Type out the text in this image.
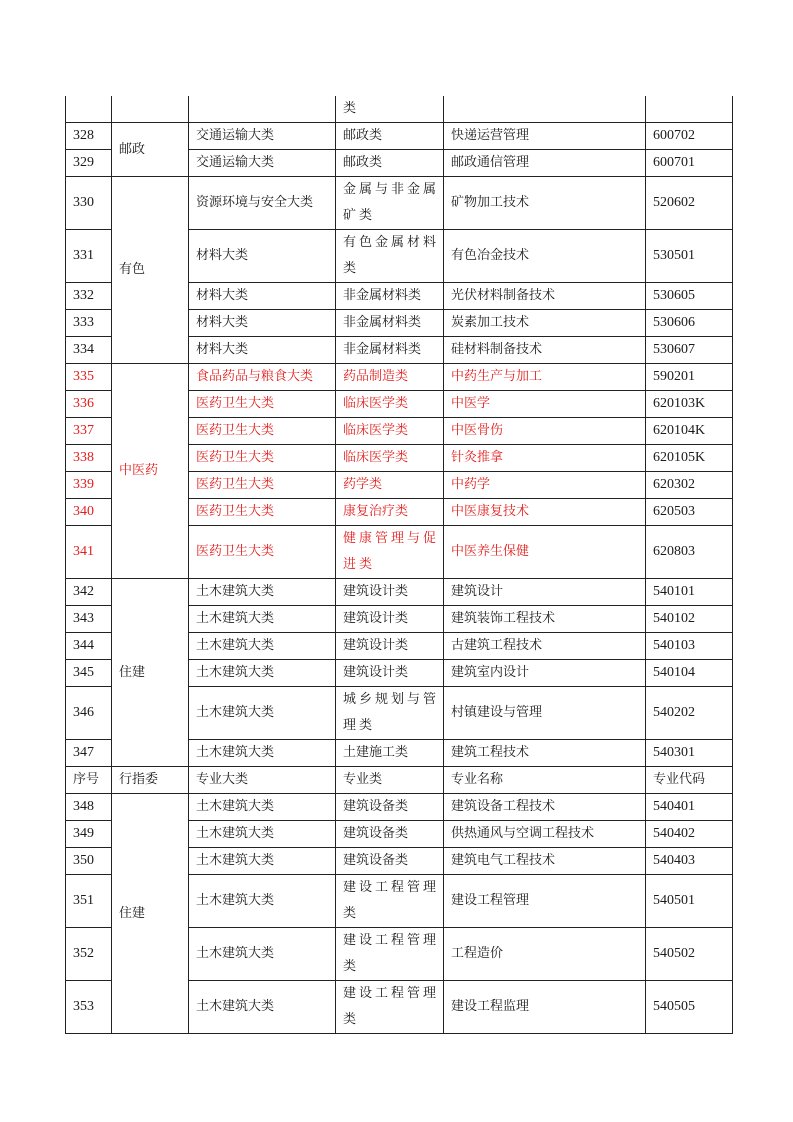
			类		
328	邮政	交通运输大类	邮政类	快递运营管理	600702
329		交通运输大类	邮政类	邮政通信管理	600701
330	有色	资源环境与安全大类	金属与非金属矿类	矿物加工技术	520602
331		材料大类	有色金属材料类	有色冶金技术	530501
332		材料大类	非金属材料类	光伏材料制备技术	530605
333		材料大类	非金属材料类	炭素加工技术	530606
334		材料大类	非金属材料类	硅材料制备技术	530607
335	中医药	食品药品与粮食大类	药品制造类	中药生产与加工	590201
336		医药卫生大类	临床医学类	中医学	620103K
337		医药卫生大类	临床医学类	中医骨伤	620104K
338		医药卫生大类	临床医学类	针灸推拿	620105K
339		医药卫生大类	药学类	中药学	620302
340		医药卫生大类	康复治疗类	中医康复技术	620503
341		医药卫生大类	健康管理与促进类	中医养生保健	620803
342	住建	土木建筑大类	建筑设计类	建筑设计	540101
343		土木建筑大类	建筑设计类	建筑装饰工程技术	540102
344		土木建筑大类	建筑设计类	古建筑工程技术	540103
345		土木建筑大类	建筑设计类	建筑室内设计	540104
346		土木建筑大类	城乡规划与管理类	村镇建设与管理	540202
347		土木建筑大类	土建施工类	建筑工程技术	540301
序号	行指委	专业大类	专业类	专业名称	专业代码
348	住建	土木建筑大类	建筑设备类	建筑设备工程技术	540401
349		土木建筑大类	建筑设备类	供热通风与空调工程技术	540402
350		土木建筑大类	建筑设备类	建筑电气工程技术	540403
351		土木建筑大类	建设工程管理类	建设工程管理	540501
352		土木建筑大类	建设工程管理类	工程造价	540502
353		土木建筑大类	建设工程管理类	建设工程监理	540505
